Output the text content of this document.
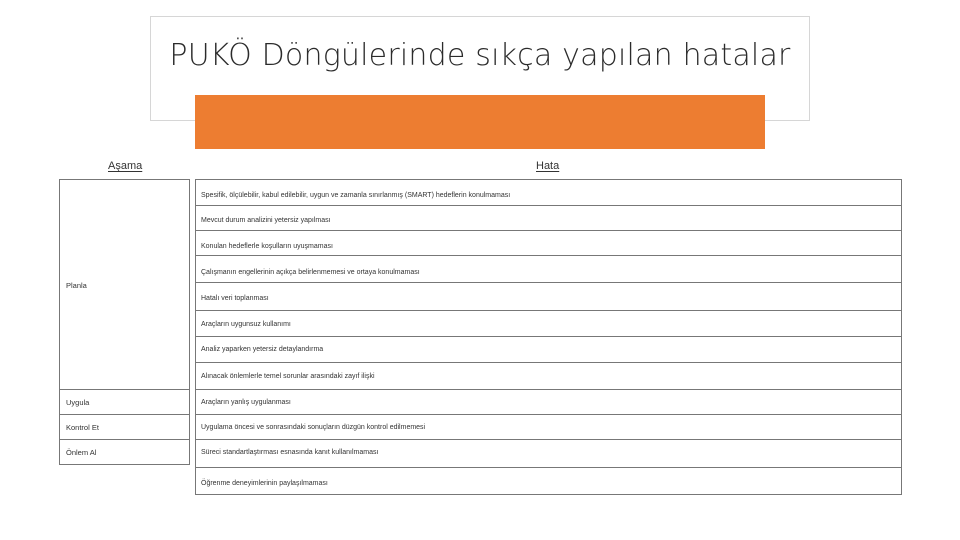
PUKÖ Döngülerinde sıkça yapılan hatalar
Aşama	Hata
Planla
Uygula
Kontrol Et
Önlem Al
Spesifik, ölçülebilir, kabul edilebilir, uygun ve zamanla sınırlanmış (SMART) hedeflerin konulmaması
Mevcut durum analizini yetersiz yapılması
Konulan hedeflerle koşulların uyuşmaması
Çalışmanın engellerinin açıkça belirlenmemesi ve ortaya konulmaması
Hatalı veri toplanması
Araçların uygunsuz kullanımı
Analiz yaparken yetersiz detaylandırma
Alınacak önlemlerle temel sorunlar arasındaki zayıf ilişki
Araçların yanlış uygulanması
Uygulama öncesi ve sonrasındaki sonuçların düzgün kontrol edilmemesi
Süreci standartlaştırması esnasında kanıt kullanılmaması
Öğrenme deneyimlerinin paylaşılmaması
